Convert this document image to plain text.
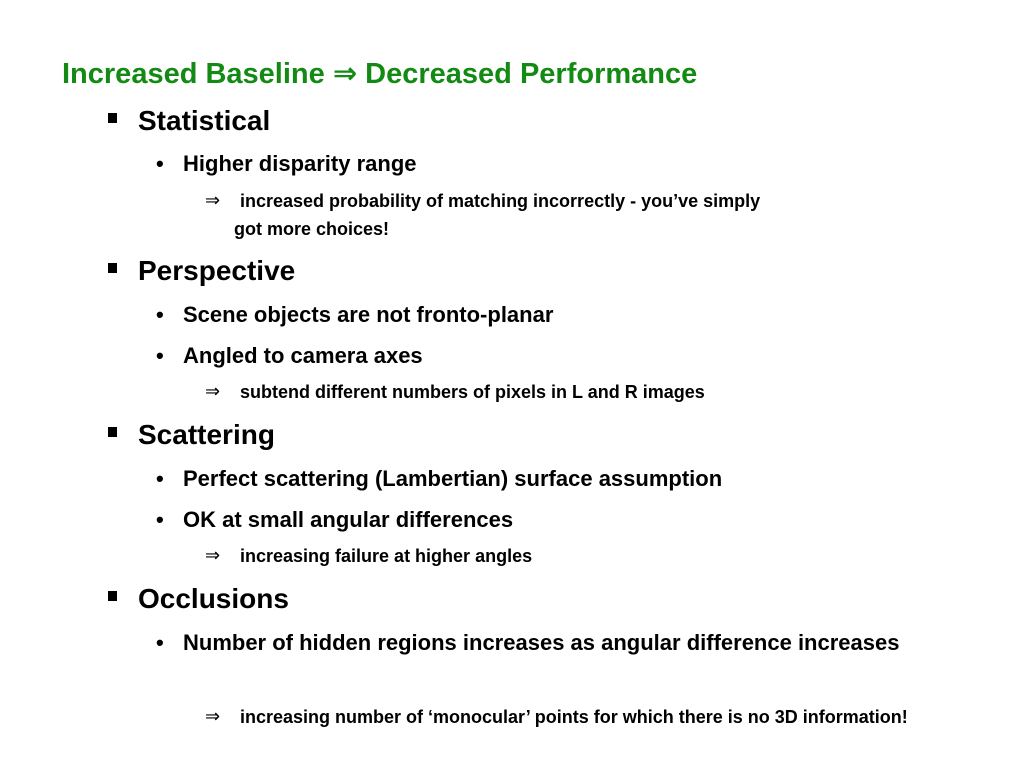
Increased Baseline ⇒ Decreased Performance
Statistical
• Higher disparity range
⇒	increased probability of matching incorrectly - you’ve simply got more choices!
Perspective
• Scene objects are not fronto-planar
• Angled to camera axes
⇒	subtend different numbers of pixels in L and R images
Scattering
• Perfect scattering (Lambertian) surface assumption
• OK at small angular differences
⇒	increasing failure at higher angles
Occlusions
• Number of hidden regions increases as angular difference increases
⇒	increasing number of ‘monocular’ points for which there is no 3D information!
